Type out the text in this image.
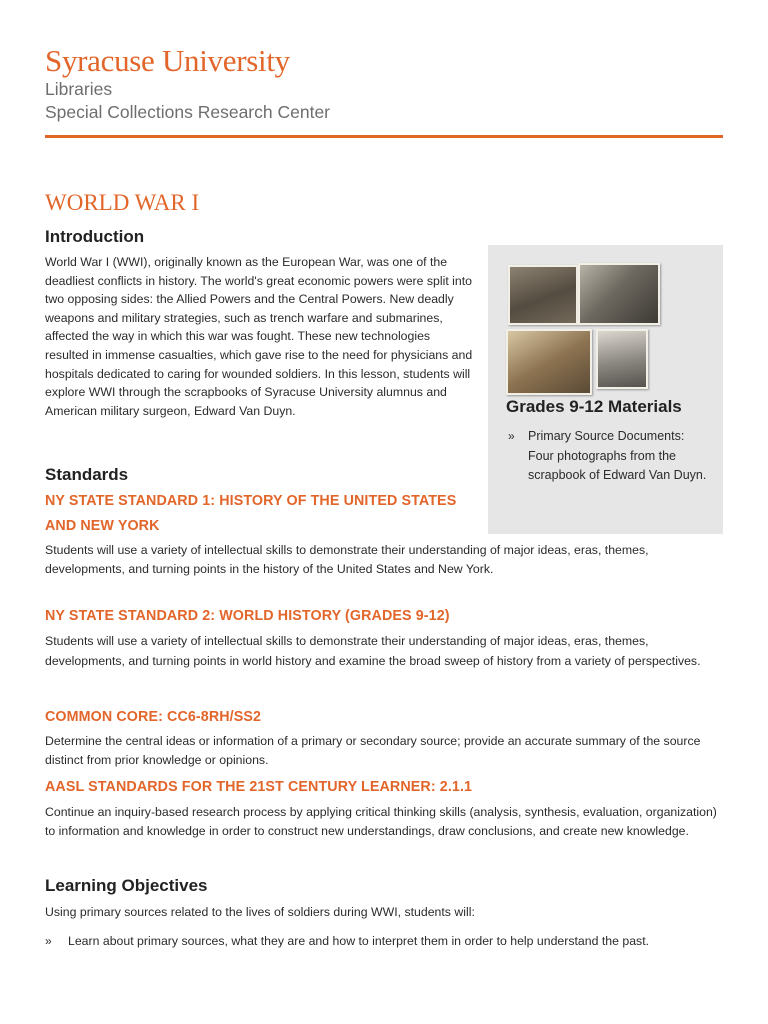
Syracuse University
Libraries
Special Collections Research Center
WORLD WAR I
Introduction

World War I (WWI), originally known as the European War, was one of the deadliest conflicts in history. The world's great economic powers were split into two opposing sides: the Allied Powers and the Central Powers. New deadly weapons and military strategies, such as trench warfare and submarines, affected the way in which this war was fought. These new technologies resulted in immense casualties, which gave rise to the need for physicians and hospitals dedicated to caring for wounded soldiers. In this lesson, students will explore WWI through the scrapbooks of Syracuse University alumnus and American military surgeon, Edward Van Duyn.	Grades 9-12 Materials
»	Primary Source Documents: Four photographs from the scrapbook of Edward Van Duyn.
Standards
NY STATE STANDARD 1: HISTORY OF THE UNITED STATES AND NEW YORK

Students will use a variety of intellectual skills to demonstrate their understanding of major ideas, eras, themes, developments, and turning points in the history of the United States and New York.

NY STATE STANDARD 2: WORLD HISTORY (GRADES 9-12)

Students will use a variety of intellectual skills to demonstrate their understanding of major ideas, eras, themes, developments, and turning points in world history and examine the broad sweep of history from a variety of perspectives.

COMMON CORE: CC6-8RH/SS2

Determine the central ideas or information of a primary or secondary source; provide an accurate summary of the source distinct from prior knowledge or opinions.

AASL STANDARDS FOR THE 21ST CENTURY LEARNER: 2.1.1

Continue an inquiry-based research process by applying critical thinking skills (analysis, synthesis, evaluation, organization) to information and knowledge in order to construct new understandings, draw conclusions, and create new knowledge.

Learning Objectives

Using primary sources related to the lives of soldiers during WWI, students will:

»	Learn about primary sources, what they are and how to interpret them in order to help understand the past.
